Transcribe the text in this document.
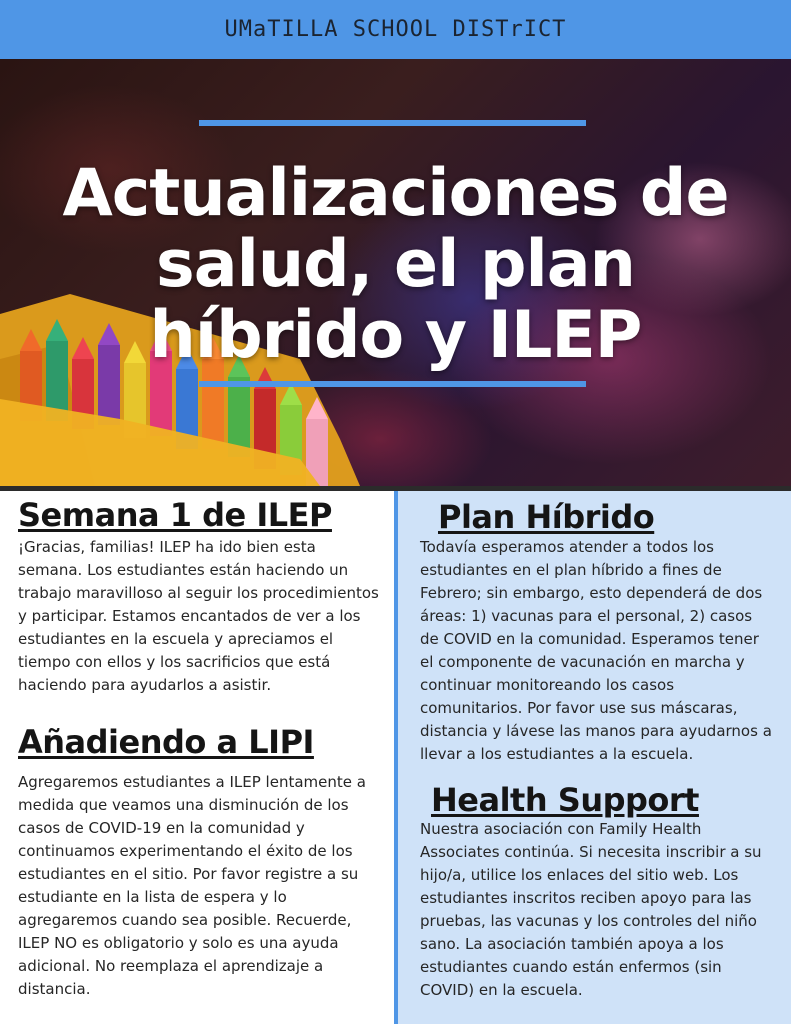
UMaTILLA SCHOOL DISTrICT
Actualizaciones de salud, el plan híbrido y ILEP
Semana 1 de ILEP

¡Gracias, familias! ILEP ha ido bien esta semana. Los estudiantes están haciendo un trabajo maravilloso al seguir los procedimientos y participar. Estamos encantados de ver a los estudiantes en la escuela y apreciamos el tiempo con ellos y los sacrificios que está haciendo para ayudarlos a asistir.

Añadiendo a LIPI

Agregaremos estudiantes a ILEP lentamente a medida que veamos una disminución de los casos de COVID-19 en la comunidad y continuamos experimentando el éxito de los estudiantes en el sitio. Por favor registre a su estudiante en la lista de espera y lo agregaremos cuando sea posible. Recuerde, ILEP NO es obligatorio y solo es una ayuda adicional. No reemplaza el aprendizaje a distancia.

Plan Híbrido

Todavía esperamos atender a todos los estudiantes en el plan híbrido a fines de Febrero; sin embargo, esto dependerá de dos áreas: 1) vacunas para el personal, 2) casos de COVID en la comunidad. Esperamos tener el componente de vacunación en marcha y continuar monitoreando los casos comunitarios. Por favor use sus máscaras, distancia y lávese las manos para ayudarnos a llevar a los estudiantes a la escuela.

Health Support

Nuestra asociación con Family Health Associates continúa. Si necesita inscribir a su hijo/a, utilice los enlaces del sitio web. Los estudiantes inscritos reciben apoyo para las pruebas, las vacunas y los controles del niño sano. La asociación también apoya a los estudiantes cuando están enfermos (sin COVID) en la escuela.
